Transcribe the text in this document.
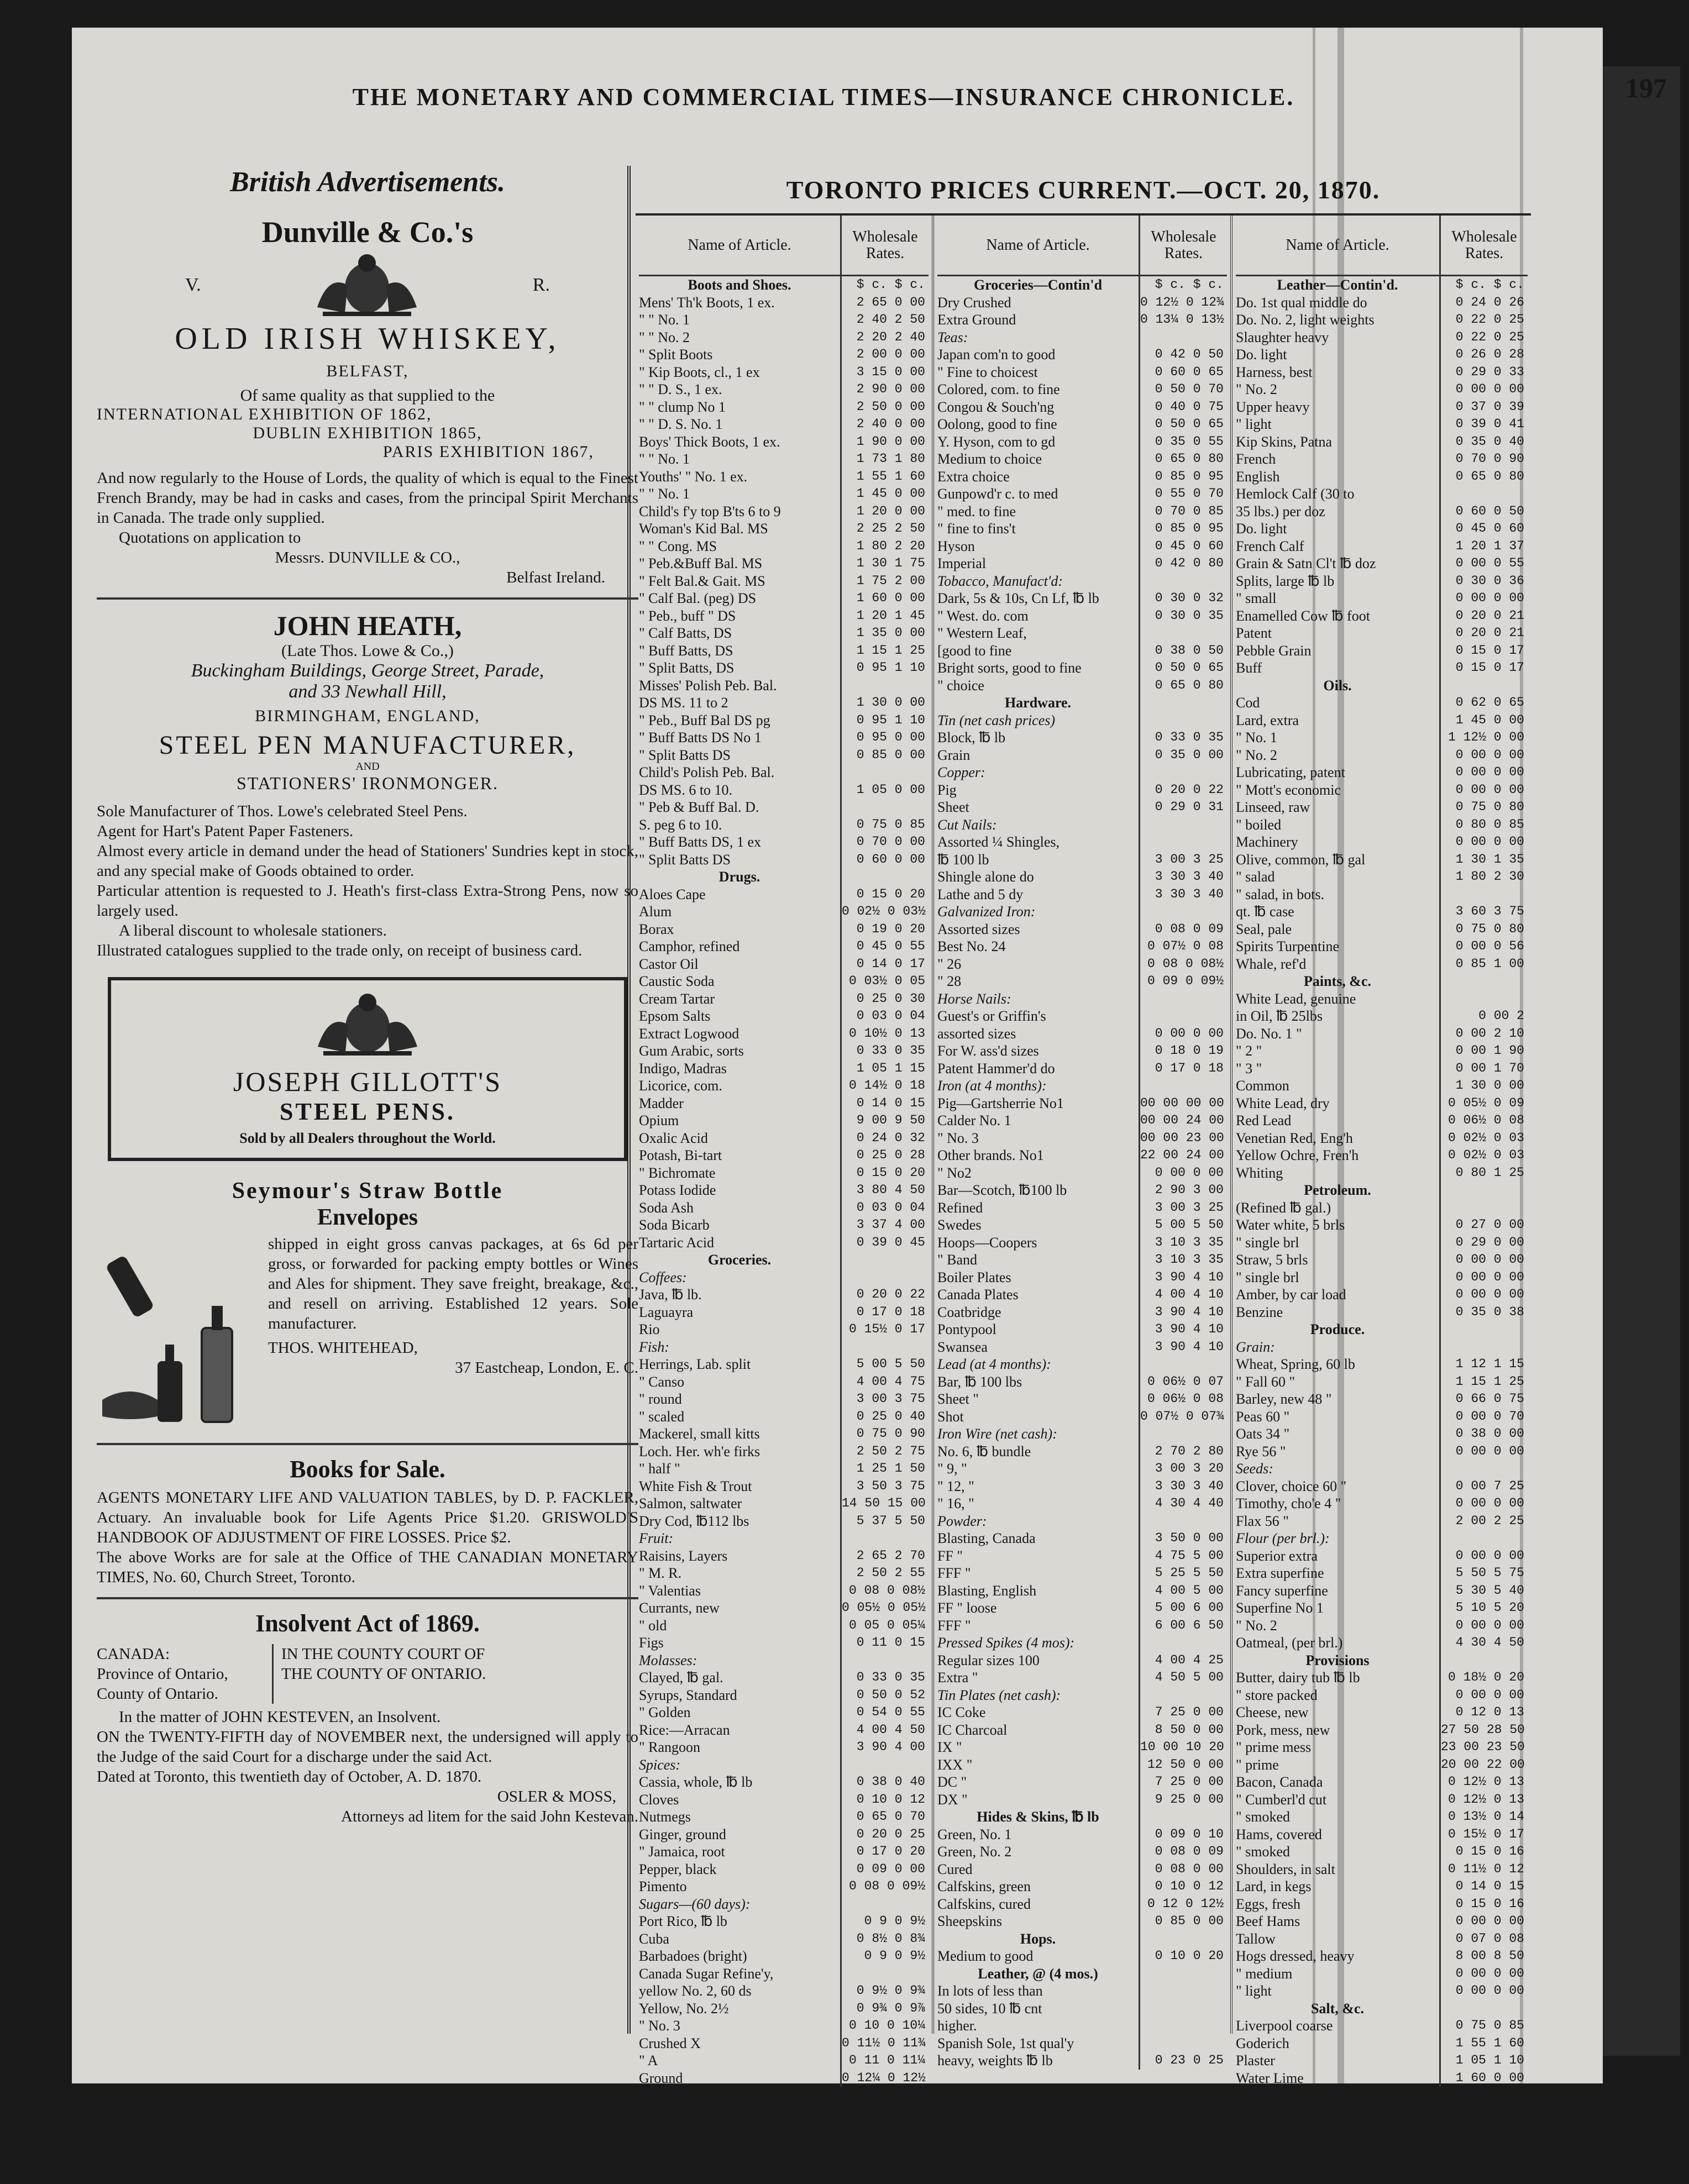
THE MONETARY AND COMMERCIAL TIMES—INSURANCE CHRONICLE.	197
British Advertisements.
Dunville & Co.'s
V.	R.
OLD IRISH WHISKEY,
BELFAST,
Of same quality as that supplied to the
INTERNATIONAL EXHIBITION OF 1862,
DUBLIN EXHIBITION 1865,
PARIS EXHIBITION 1867,
And now regularly to the House of Lords, the quality of which is equal to the Finest French Brandy, may be had in casks and cases, from the principal Spirit Merchants in Canada. The trade only supplied.
Quotations on application to
Messrs. DUNVILLE & CO.,
Belfast Ireland.
JOHN HEATH,
(Late Thos. Lowe & Co.,)
Buckingham Buildings, George Street, Parade,
and 33 Newhall Hill,
BIRMINGHAM, ENGLAND,
STEEL PEN MANUFACTURER,
AND
STATIONERS' IRONMONGER.
Sole Manufacturer of Thos. Lowe's celebrated Steel Pens.
Agent for Hart's Patent Paper Fasteners.
Almost every article in demand under the head of Stationers' Sundries kept in stock, and any special make of Goods obtained to order.
Particular attention is requested to J. Heath's first-class Extra-Strong Pens, now so largely used.
A liberal discount to wholesale stationers.
Illustrated catalogues supplied to the trade only, on receipt of business card.
JOSEPH GILLOTT'S
STEEL PENS.
Sold by all Dealers throughout the World.
Seymour's Straw Bottle
Envelopes
shipped in eight gross canvas packages, at 6s 6d per gross, or forwarded for packing empty bottles or Wines and Ales for shipment. They save freight, breakage, &c., and resell on arriving. Established 12 years. Sole manufacturer.
THOS. WHITEHEAD,
37 Eastcheap, London, E. C.
Books for Sale.
AGENTS MONETARY LIFE AND VALUATION TABLES, by D. P. FACKLER, Actuary. An invaluable book for Life Agents Price $1.20. GRISWOLD'S HANDBOOK OF ADJUSTMENT OF FIRE LOSSES. Price $2.
The above Works are for sale at the Office of THE CANADIAN MONETARY TIMES, No. 60, Church Street, Toronto.
Insolvent Act of 1869.
CANADA:
Province of Ontario,
County of Ontario.
IN THE COUNTY COURT OF
THE COUNTY OF ONTARIO.
In the matter of JOHN KESTEVEN, an Insolvent.
ON the TWENTY-FIFTH day of NOVEMBER next, the undersigned will apply to the Judge of the said Court for a discharge under the said Act.
Dated at Toronto, this twentieth day of October, A. D. 1870.
OSLER & MOSS,
Attorneys ad litem for the said John Kestevan.
TORONTO PRICES CURRENT.—OCT. 20, 1870.
Name of Article.	Wholesale Rates.
Boots and Shoes.	$ c. $ c.
Mens' Th'k Boots, 1 ex.	2 65 0 00
" " No. 1	2 40 2 50
" " No. 2	2 20 2 40
" Split Boots	2 00 0 00
" Kip Boots, cl., 1 ex	3 15 0 00
" " D. S., 1 ex.	2 90 0 00
" " clump No 1	2 50 0 00
" " D. S. No. 1	2 40 0 00
Boys' Thick Boots, 1 ex.	1 90 0 00
" " No. 1	1 73 1 80
Youths' " No. 1 ex.	1 55 1 60
" " No. 1	1 45 0 00
Child's f'y top B'ts 6 to 9	1 20 0 00
Woman's Kid Bal. MS	2 25 2 50
" " Cong. MS	1 80 2 20
" Peb.&Buff Bal. MS	1 30 1 75
" Felt Bal.& Gait. MS	1 75 2 00
" Calf Bal. (peg) DS	1 60 0 00
" Peb., buff " DS	1 20 1 45
" Calf Batts, DS	1 35 0 00
" Buff Batts, DS	1 15 1 25
" Split Batts, DS	0 95 1 10
Misses' Polish Peb. Bal.
DS MS. 11 to 2	1 30 0 00
" Peb., Buff Bal DS pg	0 95 1 10
" Buff Batts DS No 1	0 95 0 00
" Split Batts DS	0 85 0 00
Child's Polish Peb. Bal.
DS MS. 6 to 10.	1 05 0 00
" Peb & Buff Bal. D.
S. peg 6 to 10.	0 75 0 85
" Buff Batts DS, 1 ex	0 70 0 00
" Split Batts DS	0 60 0 00
Drugs.
Aloes Cape	0 15 0 20
Alum	0 02½ 0 03½
Borax	0 19 0 20
Camphor, refined	0 45 0 55
Castor Oil	0 14 0 17
Caustic Soda	0 03½ 0 05
Cream Tartar	0 25 0 30
Epsom Salts	0 03 0 04
Extract Logwood	0 10½ 0 13
Gum Arabic, sorts	0 33 0 35
Indigo, Madras	1 05 1 15
Licorice, com.	0 14½ 0 18
Madder	0 14 0 15
Opium	9 00 9 50
Oxalic Acid	0 24 0 32
Potash, Bi-tart	0 25 0 28
" Bichromate	0 15 0 20
Potass Iodide	3 80 4 50
Soda Ash	0 03 0 04
Soda Bicarb	3 37 4 00
Tartaric Acid	0 39 0 45
Groceries.
Coffees:
Java, ℔ lb.	0 20 0 22
Laguayra	0 17 0 18
Rio	0 15½ 0 17
Fish:
Herrings, Lab. split	5 00 5 50
" Canso	4 00 4 75
" round	3 00 3 75
" scaled	0 25 0 40
Mackerel, small kitts	0 75 0 90
Loch. Her. wh'e firks	2 50 2 75
" half "	1 25 1 50
White Fish & Trout	3 50 3 75
Salmon, saltwater	14 50 15 00
Dry Cod, ℔112 lbs	5 37 5 50
Fruit:
Raisins, Layers	2 65 2 70
" M. R.	2 50 2 55
" Valentias	0 08 0 08½
Currants, new	0 05½ 0 05½
" old	0 05 0 05¼
Figs	0 11 0 15
Molasses:
Clayed, ℔ gal.	0 33 0 35
Syrups, Standard	0 50 0 52
" Golden	0 54 0 55
Rice:—Arracan	4 00 4 50
" Rangoon	3 90 4 00
Spices:
Cassia, whole, ℔ lb	0 38 0 40
Cloves	0 10 0 12
Nutmegs	0 65 0 70
Ginger, ground	0 20 0 25
" Jamaica, root	0 17 0 20
Pepper, black	0 09 0 00
Pimento	0 08 0 09½
Sugars—(60 days):
Port Rico, ℔ lb	0 9 0 9½
Cuba	0 8½ 0 8¾
Barbadoes (bright)	0 9 0 9½
Canada Sugar Refine'y,
yellow No. 2, 60 ds	0 9½ 0 9¾
Yellow, No. 2½	0 9¾ 0 9⅞
" No. 3	0 10 0 10¼
Crushed X	0 11½ 0 11¾
" A	0 11 0 11¼
Ground	0 12¼ 0 12½
Name of Article.	Wholesale Rates.
Groceries—Contin'd	$ c. $ c.
Dry Crushed	0 12½ 0 12¾
Extra Ground	0 13¼ 0 13½
Teas:
Japan com'n to good	0 42 0 50
" Fine to choicest	0 60 0 65
Colored, com. to fine	0 50 0 70
Congou & Souch'ng	0 40 0 75
Oolong, good to fine	0 50 0 65
Y. Hyson, com to gd	0 35 0 55
Medium to choice	0 65 0 80
Extra choice	0 85 0 95
Gunpowd'r c. to med	0 55 0 70
" med. to fine	0 70 0 85
" fine to fins't	0 85 0 95
Hyson	0 45 0 60
Imperial	0 42 0 80
Tobacco, Manufact'd:
Dark, 5s & 10s, Cn Lf, ℔ lb	0 30 0 32
" West. do. com	0 30 0 35
" Western Leaf,
[good to fine	0 38 0 50
Bright sorts, good to fine	0 50 0 65
" choice	0 65 0 80
Hardware.
Tin (net cash prices)
Block, ℔ lb	0 33 0 35
Grain	0 35 0 00
Copper:
Pig	0 20 0 22
Sheet	0 29 0 31
Cut Nails:
Assorted ¼ Shingles,
℔ 100 lb	3 00 3 25
Shingle alone do	3 30 3 40
Lathe and 5 dy	3 30 3 40
Galvanized Iron:
Assorted sizes	0 08 0 09
Best No. 24	0 07½ 0 08
" 26	0 08 0 08½
" 28	0 09 0 09½
Horse Nails:
Guest's or Griffin's
assorted sizes	0 00 0 00
For W. ass'd sizes	0 18 0 19
Patent Hammer'd do	0 17 0 18
Iron (at 4 months):
Pig—Gartsherrie No1	00 00 00 00
Calder No. 1	00 00 24 00
" No. 3	00 00 23 00
Other brands. No1	22 00 24 00
" No2	0 00 0 00
Bar—Scotch, ℔100 lb	2 90 3 00
Refined	3 00 3 25
Swedes	5 00 5 50
Hoops—Coopers	3 10 3 35
" Band	3 10 3 35
Boiler Plates	3 90 4 10
Canada Plates	4 00 4 10
Coatbridge	3 90 4 10
Pontypool	3 90 4 10
Swansea	3 90 4 10
Lead (at 4 months):
Bar, ℔ 100 lbs	0 06½ 0 07
Sheet "	0 06½ 0 08
Shot	0 07½ 0 07¾
Iron Wire (net cash):
No. 6, ℔ bundle	2 70 2 80
" 9, "	3 00 3 20
" 12, "	3 30 3 40
" 16, "	4 30 4 40
Powder:
Blasting, Canada	3 50 0 00
FF "	4 75 5 00
FFF "	5 25 5 50
Blasting, English	4 00 5 00
FF " loose	5 00 6 00
FFF "	6 00 6 50
Pressed Spikes (4 mos):
Regular sizes 100	4 00 4 25
Extra "	4 50 5 00
Tin Plates (net cash):
IC Coke	7 25 0 00
IC Charcoal	8 50 0 00
IX "	10 00 10 20
IXX "	12 50 0 00
DC "	7 25 0 00
DX "	9 25 0 00
Hides & Skins, ℔ lb
Green, No. 1	0 09 0 10
Green, No. 2	0 08 0 09
Cured	0 08 0 00
Calfskins, green	0 10 0 12
Calfskins, cured	0 12 0 12½
Sheepskins	0 85 0 00
Hops.
Medium to good	0 10 0 20
Leather, @ (4 mos.)
In lots of less than
50 sides, 10 ℔ cnt
higher.
Spanish Sole, 1st qual'y
heavy, weights ℔ lb	0 23 0 25
Name of Article.	Wholesale Rates.
Leather—Contin'd.	$ c. $ c.
Do. 1st qual middle do	0 24 0 26
Do. No. 2, light weights	0 22 0 25
Slaughter heavy	0 22 0 25
Do. light	0 26 0 28
Harness, best	0 29 0 33
" No. 2	0 00 0 00
Upper heavy	0 37 0 39
" light	0 39 0 41
Kip Skins, Patna	0 35 0 40
French	0 70 0 90
English	0 65 0 80
Hemlock Calf (30 to
35 lbs.) per doz	0 60 0 50
Do. light	0 45 0 60
French Calf	1 20 1 37
Grain & Satn Cl't ℔ doz	0 00 0 55
Splits, large ℔ lb	0 30 0 36
" small	0 00 0 00
Enamelled Cow ℔ foot	0 20 0 21
Patent	0 20 0 21
Pebble Grain	0 15 0 17
Buff	0 15 0 17
Oils.
Cod	0 62 0 65
Lard, extra	1 45 0 00
" No. 1	1 12½ 0 00
" No. 2	0 00 0 00
Lubricating, patent	0 00 0 00
" Mott's economic	0 00 0 00
Linseed, raw	0 75 0 80
" boiled	0 80 0 85
Machinery	0 00 0 00
Olive, common, ℔ gal	1 30 1 35
" salad	1 80 2 30
" salad, in bots.
qt. ℔ case	3 60 3 75
Seal, pale	0 75 0 80
Spirits Turpentine	0 00 0 56
Whale, ref'd	0 85 1 00
Paints, &c.
White Lead, genuine
in Oil, ℔ 25lbs	0 00 2
Do. No. 1 "	0 00 2 10
" 2 "	0 00 1 90
" 3 "	0 00 1 70
Common	1 30 0 00
White Lead, dry	0 05½ 0 09
Red Lead	0 06½ 0 08
Venetian Red, Eng'h	0 02½ 0 03
Yellow Ochre, Fren'h	0 02½ 0 03
Whiting	0 80 1 25
Petroleum.
(Refined ℔ gal.)
Water white, 5 brls	0 27 0 00
" single brl	0 29 0 00
Straw, 5 brls	0 00 0 00
" single brl	0 00 0 00
Amber, by car load	0 00 0 00
Benzine	0 35 0 38
Produce.
Grain:
Wheat, Spring, 60 lb	1 12 1 15
" Fall 60 "	1 15 1 25
Barley, new 48 "	0 66 0 75
Peas 60 "	0 00 0 70
Oats 34 "	0 38 0 00
Rye 56 "	0 00 0 00
Seeds:
Clover, choice 60 "	0 00 7 25
Timothy, cho'e 4 "	0 00 0 00
Flax 56 "	2 00 2 25
Flour (per brl.):
Superior extra	0 00 0 00
Extra superfine	5 50 5 75
Fancy superfine	5 30 5 40
Superfine No 1	5 10 5 20
" No. 2	0 00 0 00
Oatmeal, (per brl.)	4 30 4 50
Provisions
Butter, dairy tub ℔ lb	0 18½ 0 20
" store packed	0 00 0 00
Cheese, new	0 12 0 13
Pork, mess, new	27 50 28 50
" prime mess	23 00 23 50
" prime	20 00 22 00
Bacon, Canada	0 12½ 0 13
" Cumberl'd cut	0 12½ 0 13
" smoked	0 13½ 0 14
Hams, covered	0 15½ 0 17
" smoked	0 15 0 16
Shoulders, in salt	0 11½ 0 12
Lard, in kegs	0 14 0 15
Eggs, fresh	0 15 0 16
Beef Hams	0 00 0 00
Tallow	0 07 0 08
Hogs dressed, heavy	8 00 8 50
" medium	0 00 0 00
" light	0 00 0 00
Salt, &c.
Liverpool coarse	0 75 0 85
Goderich	1 55 1 60
Plaster	1 05 1 10
Water Lime	1 60 0 00
